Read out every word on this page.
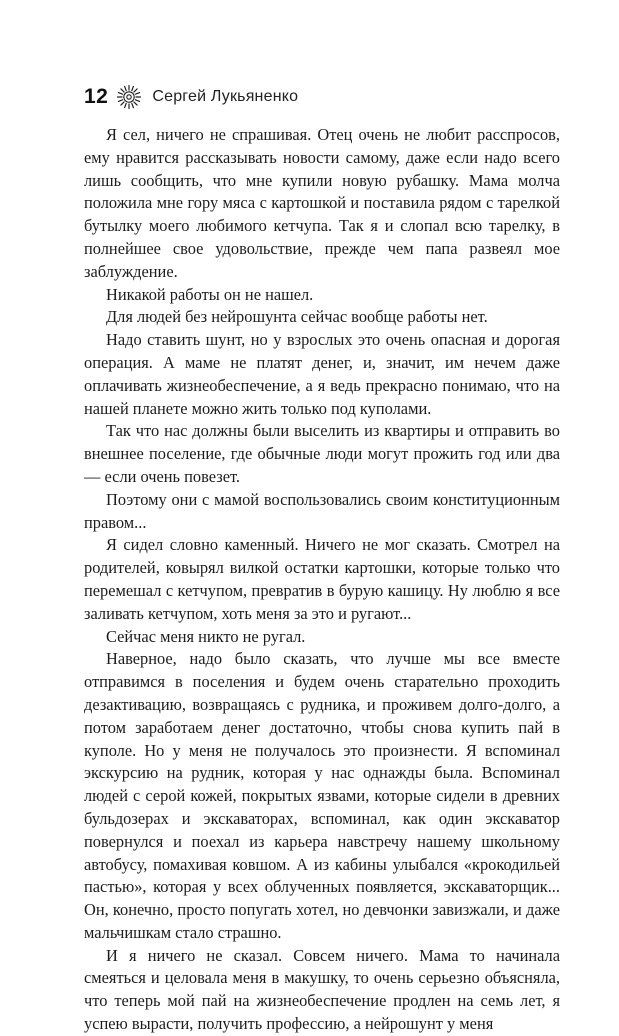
12	Сергей Лукьяненко

Я сел, ничего не спрашивая. Отец очень не любит расспросов, ему нравится рассказывать новости самому, даже если надо всего лишь сообщить, что мне купили новую рубашку. Мама молча положила мне гору мяса с картошкой и поставила рядом с тарелкой бутылку моего любимого кетчупа. Так я и слопал всю тарелку, в полнейшее свое удовольствие, прежде чем папа развеял мое заблуждение.

Никакой работы он не нашел.

Для людей без нейрошунта сейчас вообще работы нет.

Надо ставить шунт, но у взрослых это очень опасная и дорогая операция. А маме не платят денег, и, значит, им нечем даже оплачивать жизнеобеспечение, а я ведь прекрасно понимаю, что на нашей планете можно жить только под куполами.

Так что нас должны были выселить из квартиры и отправить во внешнее поселение, где обычные люди могут прожить год или два — если очень повезет.

Поэтому они с мамой воспользовались своим конституционным правом...

Я сидел словно каменный. Ничего не мог сказать. Смотрел на родителей, ковырял вилкой остатки картошки, которые только что перемешал с кетчупом, превратив в бурую кашицу. Ну люблю я все заливать кетчупом, хоть меня за это и ругают...

Сейчас меня никто не ругал.

Наверное, надо было сказать, что лучше мы все вместе отправимся в поселения и будем очень старательно проходить дезактивацию, возвращаясь с рудника, и проживем долго-долго, а потом заработаем денег достаточно, чтобы снова купить пай в куполе. Но у меня не получалось это произнести. Я вспоминал экскурсию на рудник, которая у нас однажды была. Вспоминал людей с серой кожей, покрытых язвами, которые сидели в древних бульдозерах и экскаваторах, вспоминал, как один экскаватор повернулся и поехал из карьера навстречу нашему школьному автобусу, помахивая ковшом. А из кабины улыбался «крокодильей пастью», которая у всех облученных появляется, экскаваторщик... Он, конечно, просто попугать хотел, но девчонки завизжали, и даже мальчишкам стало страшно.

И я ничего не сказал. Совсем ничего. Мама то начинала смеяться и целовала меня в макушку, то очень серьезно объясняла, что теперь мой пай на жизнеобеспечение продлен на семь лет, я успею вырасти, получить профессию, а нейрошунт у меня
